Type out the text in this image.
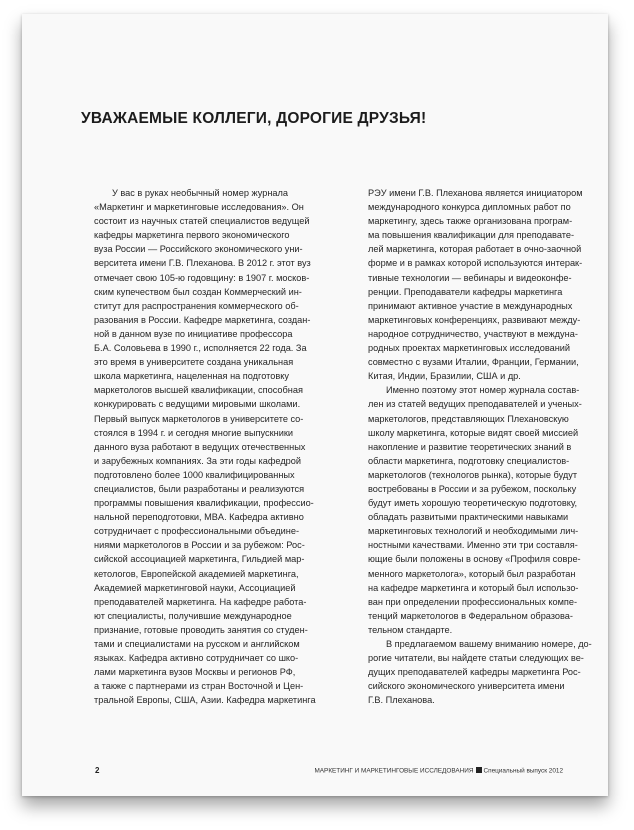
УВАЖАЕМЫЕ КОЛЛЕГИ, ДОРОГИЕ ДРУЗЬЯ!
У вас в руках необычный номер журнала
«Маркетинг и маркетинговые исследования». Он
состоит из научных статей специалистов ведущей
кафедры маркетинга первого экономического
вуза России — Российского экономического уни-
верситета имени Г.В. Плеханова. В 2012 г. этот вуз
отмечает свою 105-ю годовщину: в 1907 г. москов-
ским купечеством был создан Коммерческий ин-
ститут для распространения коммерческого об-
разования в России. Кафедре маркетинга, создан-
ной в данном вузе по инициативе профессора
Б.А. Соловьева в 1990 г., исполняется 22 года. За
это время в университете создана уникальная
школа маркетинга, нацеленная на подготовку
маркетологов высшей квалификации, способная
конкурировать с ведущими мировыми школами.
Первый выпуск маркетологов в университете со-
стоялся в 1994 г. и сегодня многие выпускники
данного вуза работают в ведущих отечественных
и зарубежных компаниях. За эти годы кафедрой
подготовлено более 1000 квалифицированных
специалистов, были разработаны и реализуются
программы повышения квалификации, профессио-
нальной переподготовки, MBA. Кафедра активно
сотрудничает с профессиональными объедине-
ниями маркетологов в России и за рубежом: Рос-
сийской ассоциацией маркетинга, Гильдией мар-
кетологов, Европейской академией маркетинга,
Академией маркетинговой науки, Ассоциацией
преподавателей маркетинга. На кафедре работа-
ют специалисты, получившие международное
признание, готовые проводить занятия со студен-
тами и специалистами на русском и английском
языках. Кафедра активно сотрудничает со шко-
лами маркетинга вузов Москвы и регионов РФ,
а также с партнерами из стран Восточной и Цен-
тральной Европы, США, Азии. Кафедра маркетинга
РЭУ имени Г.В. Плеханова является инициатором
международного конкурса дипломных работ по
маркетингу, здесь также организована програм-
ма повышения квалификации для преподавате-
лей маркетинга, которая работает в очно-заочной
форме и в рамках которой используются интерак-
тивные технологии — вебинары и видеоконфе-
ренции. Преподаватели кафедры маркетинга
принимают активное участие в международных
маркетинговых конференциях, развивают между-
народное сотрудничество, участвуют в междуна-
родных проектах маркетинговых исследований
совместно с вузами Италии, Франции, Германии,
Китая, Индии, Бразилии, США и др.
Именно поэтому этот номер журнала состав-
лен из статей ведущих преподавателей и ученых-
маркетологов, представляющих Плехановскую
школу маркетинга, которые видят своей миссией
накопление и развитие теоретических знаний в
области маркетинга, подготовку специалистов-
маркетологов (технологов рынка), которые будут
востребованы в России и за рубежом, поскольку
будут иметь хорошую теоретическую подготовку,
обладать развитыми практическими навыками
маркетинговых технологий и необходимыми лич-
ностными качествами. Именно эти три составля-
ющие были положены в основу «Профиля совре-
менного маркетолога», который был разработан
на кафедре маркетинга и который был использо-
ван при определении профессиональных компе-
тенций маркетологов в Федеральном образова-
тельном стандарте.
В предлагаемом вашему вниманию номере, до-
рогие читатели, вы найдете статьи следующих ве-
дущих преподавателей кафедры маркетинга Рос-
сийского экономического университета имени
Г.В. Плеханова.
2	МАРКЕТИНГ И МАРКЕТИНГОВЫЕ ИССЛЕДОВАНИЯ Специальный выпуск 2012
